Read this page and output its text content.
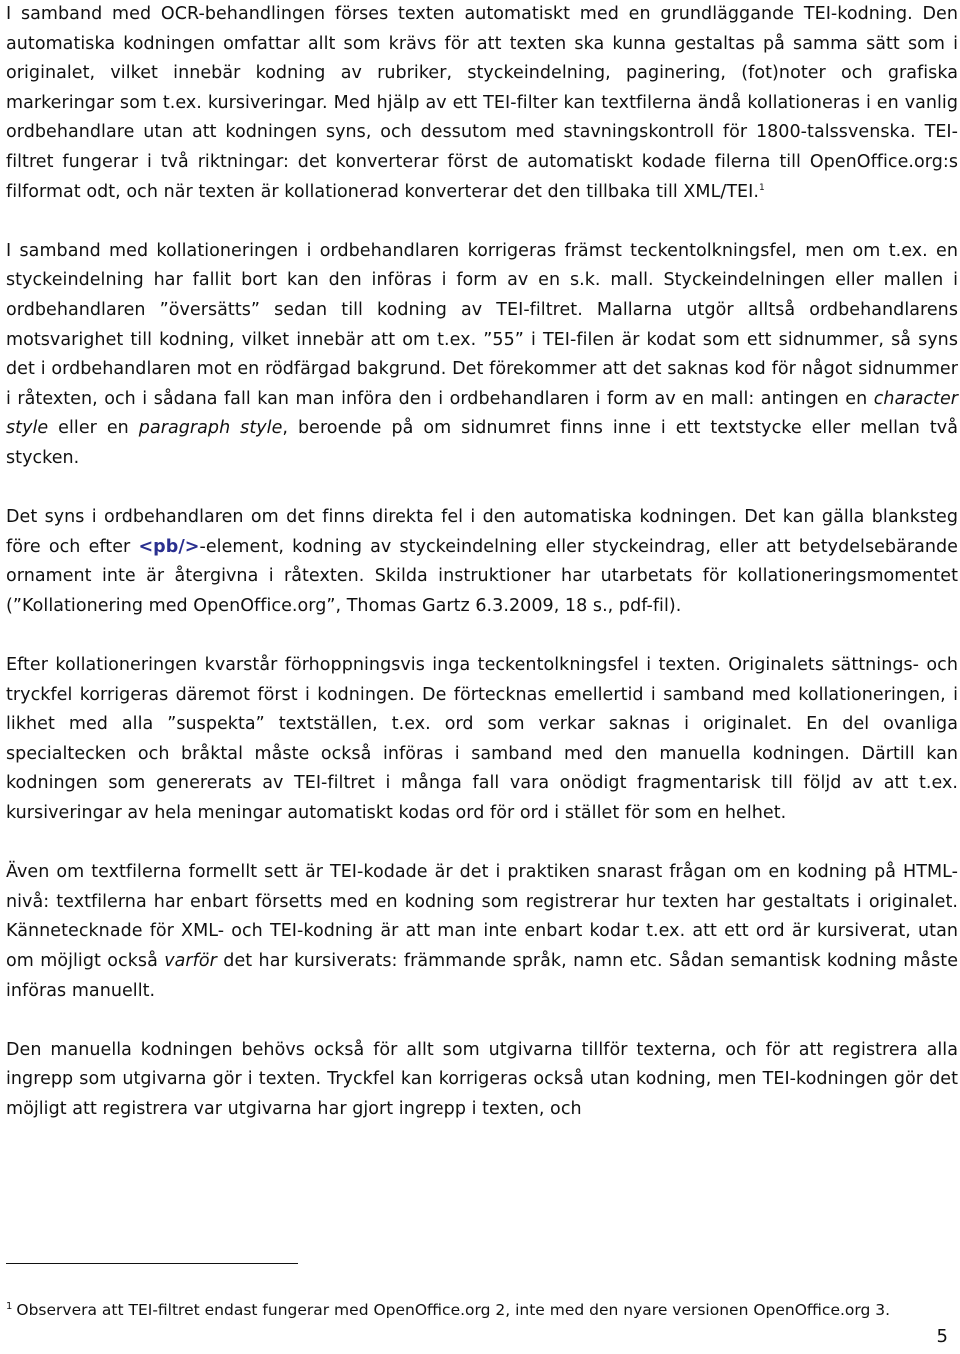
I samband med OCR-behandlingen förses texten automatiskt med en grundläggande TEI-kodning. Den automatiska kodningen omfattar allt som krävs för att texten ska kunna gestaltas på samma sätt som i originalet, vilket innebär kodning av rubriker, styckeindelning, paginering, (fot)noter och grafiska markeringar som t.ex. kursiveringar. Med hjälp av ett TEI-filter kan textfilerna ändå kollationeras i en vanlig ordbehandlare utan att kodningen syns, och dessutom med stavningskontroll för 1800-talssvenska. TEI-filtret fungerar i två riktningar: det konverterar först de automatiskt kodade filerna till OpenOffice.org:s filformat odt, och när texten är kollationerad konverterar det den tillbaka till XML/TEI.$^1$

I samband med kollationeringen i ordbehandlaren korrigeras främst teckentolkningsfel, men om t.ex. en styckeindelning har fallit bort kan den införas i form av en s.k. mall. Styckeindelningen eller mallen i ordbehandlaren ”översätts” sedan till kodning av TEI-filtret. Mallarna utgör alltså ordbehandlarens motsvarighet till kodning, vilket innebär att om t.ex. ”55” i TEI-filen är kodat som ett sidnummer, så syns det i ordbehandlaren mot en rödfärgad bakgrund. Det förekommer att det saknas kod för något sidnummer i råtexten, och i sådana fall kan man införa den i ordbehandlaren i form av en mall: antingen en character style eller en paragraph style, beroende på om sidnumret finns inne i ett textstycke eller mellan två stycken.

Det syns i ordbehandlaren om det finns direkta fel i den automatiska kodningen. Det kan gälla blanksteg före och efter <pb/>-element, kodning av styckeindelning eller styckeindrag, eller att betydelsebärande ornament inte är återgivna i råtexten. Skilda instruktioner har utarbetats för kollationeringsmomentet (”Kollationering med OpenOffice.org”, Thomas Gartz 6.3.2009, 18 s., pdf-fil).

Efter kollationeringen kvarstår förhoppningsvis inga teckentolkningsfel i texten. Originalets sättnings- och tryckfel korrigeras däremot först i kodningen. De förtecknas emellertid i samband med kollationeringen, i likhet med alla ”suspekta” textställen, t.ex. ord som verkar saknas i originalet. En del ovanliga specialtecken och bråktal måste också införas i samband med den manuella kodningen. Därtill kan kodningen som genererats av TEI-filtret i många fall vara onödigt fragmentarisk till följd av att t.ex. kursiveringar av hela meningar automatiskt kodas ord för ord i stället för som en helhet.

Även om textfilerna formellt sett är TEI-kodade är det i praktiken snarast frågan om en kodning på HTML-nivå: textfilerna har enbart försetts med en kodning som registrerar hur texten har gestaltats i originalet. Kännetecknade för XML- och TEI-kodning är att man inte enbart kodar t.ex. att ett ord är kursiverat, utan om möjligt också varför det har kursiverats: främmande språk, namn etc. Sådan semantisk kodning måste införas manuellt.

Den manuella kodningen behövs också för allt som utgivarna tillför texterna, och för att registrera alla ingrepp som utgivarna gör i texten. Tryckfel kan korrigeras också utan kodning, men TEI-kodningen gör det möjligt att registrera var utgivarna har gjort ingrepp i texten, och

$^1$ Observera att TEI-filtret endast fungerar med OpenOffice.org 2, inte med den nyare versionen OpenOffice.org 3.

5
